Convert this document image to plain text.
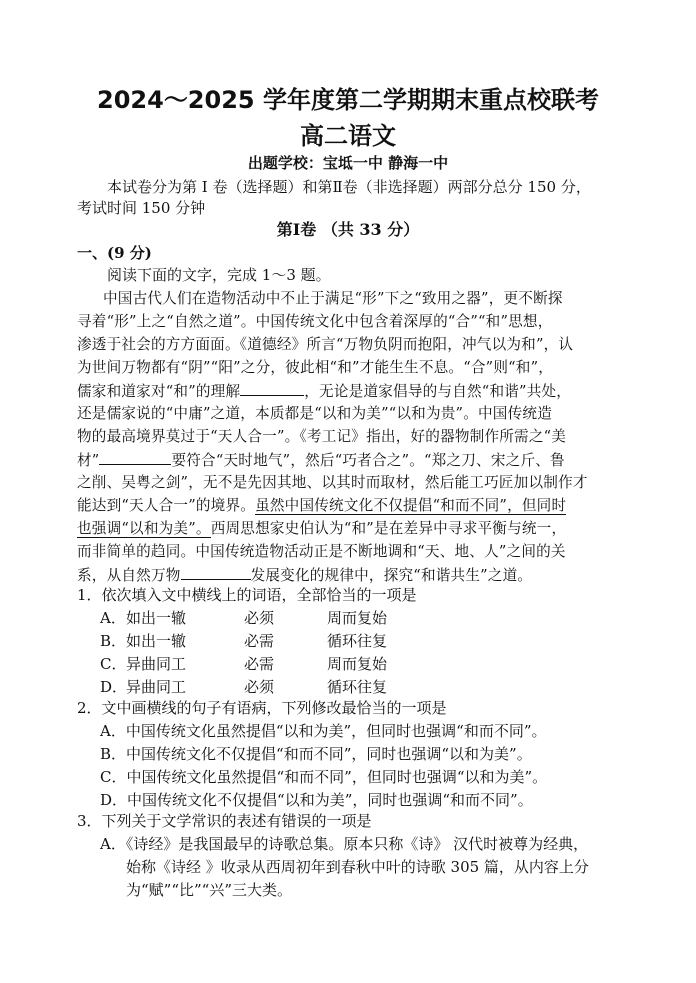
2024～2025 学年度第二学期期末重点校联考
高二语文
出题学校：宝坻一中 静海一中
本试卷分为第 I 卷（选择题）和第Ⅱ卷（非选择题）两部分总分 150 分，
考试时间 150 分钟
第Ⅰ卷 （共 33 分）
一、(9 分)
阅读下面的文字，完成 1～3 题。
中国古代人们在造物活动中不止于满足“形”下之“致用之器”，更不断探
寻着“形”上之“自然之道”。中国传统文化中包含着深厚的“合”“和”思想，
渗透于社会的方方面面。《道德经》所言“万物负阴而抱阳，冲气以为和”，认
为世间万物都有“阴”“阳”之分，彼此相“和”才能生生不息。“合”则“和”，
儒家和道家对“和”的理解	，无论是道家倡导的与自然“和谐”共处，
还是儒家说的“中庸”之道，本质都是“以和为美”“以和为贵”。中国传统造
物的最高境界莫过于“天人合一”。《考工记》指出，好的器物制作所需之“美
材”	要符合“天时地气”，然后“巧者合之”。“郑之刀、宋之斤、鲁
之削、吴粤之剑”，无不是先因其地、以其时而取材，然后能工巧匠加以制作才
能达到“天人合一”的境界。虽然中国传统文化不仅提倡“和而不同”，但同时
也强调“以和为美”。西周思想家史伯认为“和”是在差异中寻求平衡与统一，
而非简单的趋同。中国传统造物活动正是不断地调和“天、地、人”之间的关
系，从自然万物	发展变化的规律中，探究“和谐共生”之道。
1．依次填入文中横线上的词语，全部恰当的一项是
A． 如出一辙	必须	周而复始
B． 如出一辙	必需	循环往复
C． 异曲同工	必需	周而复始
D．
异曲同工	必须	循环往复
2．文中画横线的句子有语病，下列修改最恰当的一项是
A．中国传统文化虽然提倡“以和为美”，但同时也强调“和而不同”。
B．中国传统文化不仅提倡“和而不同”，同时也强调“以和为美”。
C．中国传统文化虽然提倡“和而不同”，但同时也强调“以和为美”。
D．中国传统文化不仅提倡“以和为美”，同时也强调“和而不同”。
3．下列关于文学常识的表述有错误的一项是
A．《诗经》是我国最早的诗歌总集。原本只称《诗》 汉代时被尊为经典，
始称《诗经 》收录从西周初年到春秋中叶的诗歌 305 篇，从内容上分
为“赋”“比”“兴”三大类。
